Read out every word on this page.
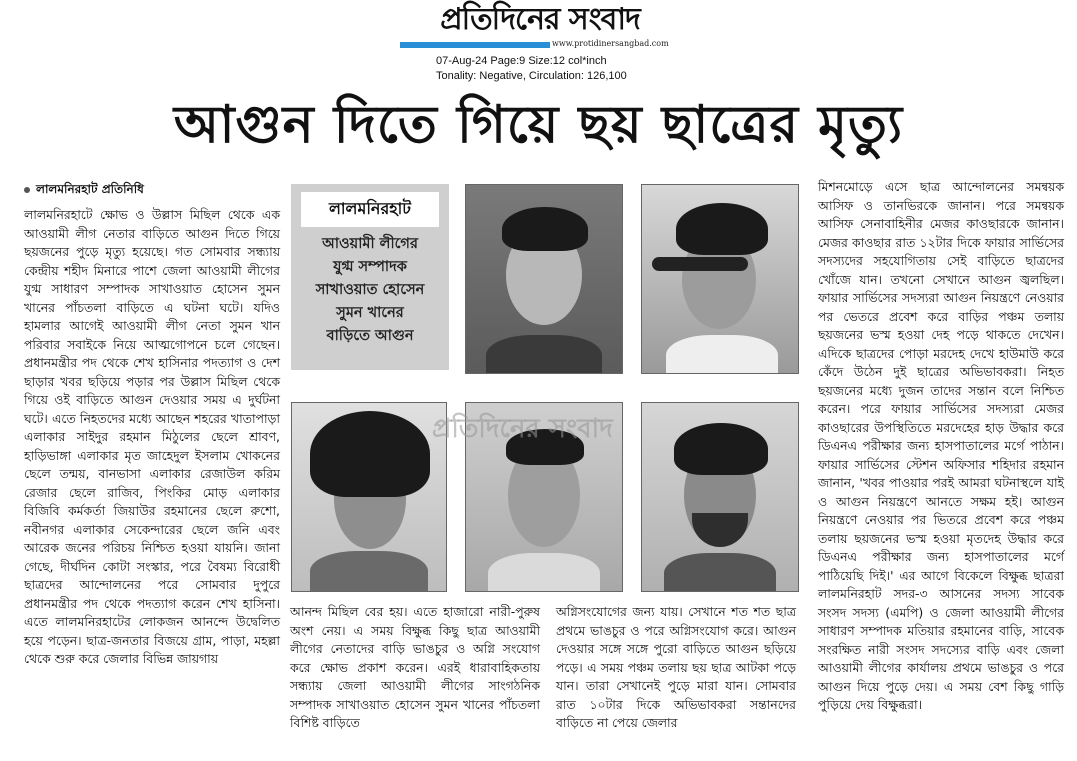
প্রতিদিনের সংবাদ
www.protidinersangbad.com
07-Aug-24 Page:9 Size:12 col*inch
Tonality: Negative, Circulation: 126,100
আগুন দিতে গিয়ে ছয় ছাত্রের মৃত্যু
লালমনিরহাট প্রতিনিধি

লালমনিরহাটে ক্ষোভ ও উল্লাস মিছিল থেকে এক আওয়ামী লীগ নেতার বাড়িতে আগুন দিতে গিয়ে ছয়জনের পুড়ে মৃত্যু হয়েছে। গত সোমবার সন্ধ্যায় কেন্দ্রীয় শহীদ মিনারে পাশে জেলা আওয়ামী লীগের যুগ্ম সাধারণ সম্পাদক সাখাওয়াত হোসেন সুমন খানের পাঁচতলা বাড়িতে এ ঘটনা ঘটে। যদিও হামলার আগেই আওয়ামী লীগ নেতা সুমন খান পরিবার সবাইকে নিয়ে আত্মগোপনে চলে গেছেন। প্রধানমন্ত্রীর পদ থেকে শেখ হাসিনার পদত্যাগ ও দেশ ছাড়ার খবর ছড়িয়ে পড়ার পর উল্লাস মিছিল থেকে গিয়ে ওই বাড়িতে আগুন দেওয়ার সময় এ দুর্ঘটনা ঘটে। এতে নিহতদের মধ্যে আছেন শহরের খাতাপাড়া এলাকার সাইদুর রহমান মিঠুলের ছেলে শ্রাবণ, হাড়িভাঙ্গা এলাকার মৃত জাহেদুল ইসলাম খোকনের ছেলে তন্ময়, বানভাসা এলাকার রেজাউল করিম রেজার ছেলে রাজিব, পিংকির মোড় এলাকার বিজিবি কর্মকর্তা জিয়াউর রহমানের ছেলে রুশো, নবীনগর এলাকার সেকেন্দারের ছেলে জনি এবং আরেক জনের পরিচয় নিশ্চিত হওয়া যায়নি। জানা গেছে, দীর্ঘদিন কোটা সংস্কার, পরে বৈষম্য বিরোধী ছাত্রদের আন্দোলনের পরে সোমবার দুপুরে প্রধানমন্ত্রীর পদ থেকে পদত্যাগ করেন শেখ হাসিনা। এতে লালমনিরহাটের লোকজন আনন্দে উদ্বেলিত হয়ে পড়েন। ছাত্র-জনতার বিজয়ে গ্রাম, পাড়া, মহল্লা থেকে শুরু করে জেলার বিভিন্ন জায়গায়

আনন্দ মিছিল বের হয়। এতে হাজারো নারী-পুরুষ অংশ নেয়। এ সময় বিক্ষুব্ধ কিছু ছাত্র আওয়ামী লীগের নেতাদের বাড়ি ভাঙচুর ও অগ্নি সংযোগ করে ক্ষোভ প্রকাশ করেন। এরই ধারাবাহিকতায় সন্ধ্যায় জেলা আওয়ামী লীগের সাংগঠনিক সম্পাদক সাখাওয়াত হোসেন সুমন খানের পাঁচতলা বিশিষ্ট বাড়িতে

অগ্নিসংযোগের জন্য যায়। সেখানে শত শত ছাত্র প্রথমে ভাঙচুর ও পরে অগ্নিসংযোগ করে। আগুন দেওয়ার সঙ্গে সঙ্গে পুরো বাড়িতে আগুন ছড়িয়ে পড়ে। এ সময় পঞ্চম তলায় ছয় ছাত্র আটকা পড়ে যান। তারা সেখানেই পুড়ে মারা যান। সোমবার রাত ১০টার দিকে অভিভাবকরা সন্তানদের বাড়িতে না পেয়ে জেলার

মিশনমোড়ে এসে ছাত্র আন্দোলনের সমন্বয়ক আসিফ ও তানভিরকে জানান। পরে সমন্বয়ক আসিফ সেনাবাহিনীর মেজর কাওছারকে জানান। মেজর কাওছার রাত ১২টার দিকে ফায়ার সার্ভিসের সদস্যদের সহযোগিতায় সেই বাড়িতে ছাত্রদের খোঁজে যান। তখনো সেখানে আগুন জ্বলছিল। ফায়ার সার্ভিসের সদস্যরা আগুন নিয়ন্ত্রণে নেওয়ার পর ভেতরে প্রবেশ করে বাড়ির পঞ্চম তলায় ছয়জনের ভস্ম হওয়া দেহ পড়ে থাকতে দেখেন। এদিকে ছাত্রদের পোড়া মরদেহ দেখে হাউমাউ করে কেঁদে উঠেন দুই ছাত্রের অভিভাবকরা। নিহত ছয়জনের মধ্যে দুজন তাদের সন্তান বলে নিশ্চিত করেন। পরে ফায়ার সার্ভিসের সদস্যরা মেজর কাওছারের উপস্থিতিতে মরদেহের হাড় উদ্ধার করে ডিএনএ পরীক্ষার জন্য হাসপাতালের মর্গে পাঠান। ফায়ার সার্ভিসের স্টেশন অফিসার শহিদার রহমান জানান, 'খবর পাওয়ার পরই আমরা ঘটনাস্থলে যাই ও আগুন নিয়ন্ত্রণে আনতে সক্ষম হই। আগুন নিয়ন্ত্রণে নেওয়ার পর ভিতরে প্রবেশ করে পঞ্চম তলায় ছয়জনের ভস্ম হওয়া মৃতদেহ উদ্ধার করে ডিএনএ পরীক্ষার জন্য হাসপাতালের মর্গে পাঠিয়েছি দিই।' এর আগে বিকেলে বিক্ষুব্ধ ছাত্ররা লালমনিরহাট সদর-৩ আসনের সদস্য সাবেক সংসদ সদস্য (এমপি) ও জেলা আওয়ামী লীগের সাধারণ সম্পাদক মতিয়ার রহমানের বাড়ি, সাবেক সংরক্ষিত নারী সংসদ সদস্যের বাড়ি এবং জেলা আওয়ামী লীগের কার্যালয় প্রথমে ভাঙচুর ও পরে আগুন দিয়ে পুড়ে দেয়। এ সময় বেশ কিছু গাড়ি পুড়িয়ে দেয় বিক্ষুব্ধরা।

লালমনিরহাট
আওয়ামী লীগের
যুগ্ম সম্পাদক
সাখাওয়াত হোসেন
সুমন খানের
বাড়িতে আগুন
প্রতিদিনের সংবাদ
